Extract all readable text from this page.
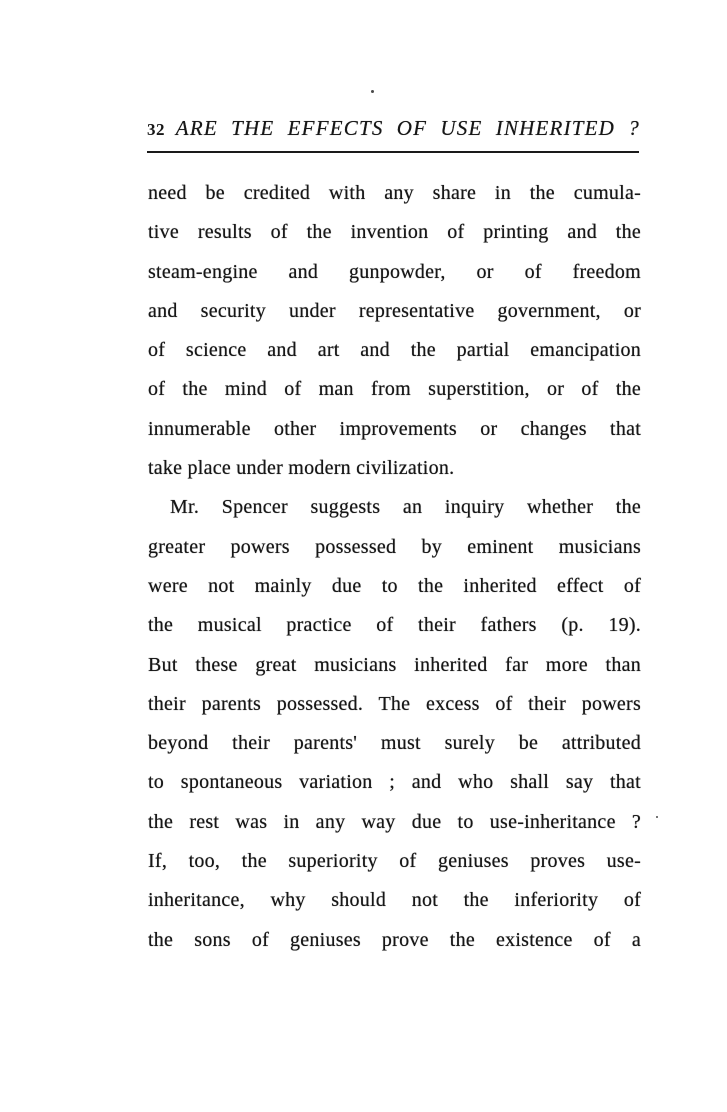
32 ARE THE EFFECTS OF USE INHERITED ?
need be credited with any share in the cumula-
tive results of the invention of printing and the
steam-engine and gunpowder, or of freedom
and security under representative government, or
of science and art and the partial emancipation
of the mind of man from superstition, or of the
innumerable other improvements or changes that
take place under modern civilization.
Mr. Spencer suggests an inquiry whether the
greater powers possessed by eminent musicians
were not mainly due to the inherited effect of
the musical practice of their fathers (p. 19).
But these great musicians inherited far more than
their parents possessed. The excess of their powers
beyond their parents' must surely be attributed
to spontaneous variation ; and who shall say that
the rest was in any way due to use-inheritance ?
If, too, the superiority of geniuses proves use-
inheritance, why should not the inferiority of
the sons of geniuses prove the existence of a
